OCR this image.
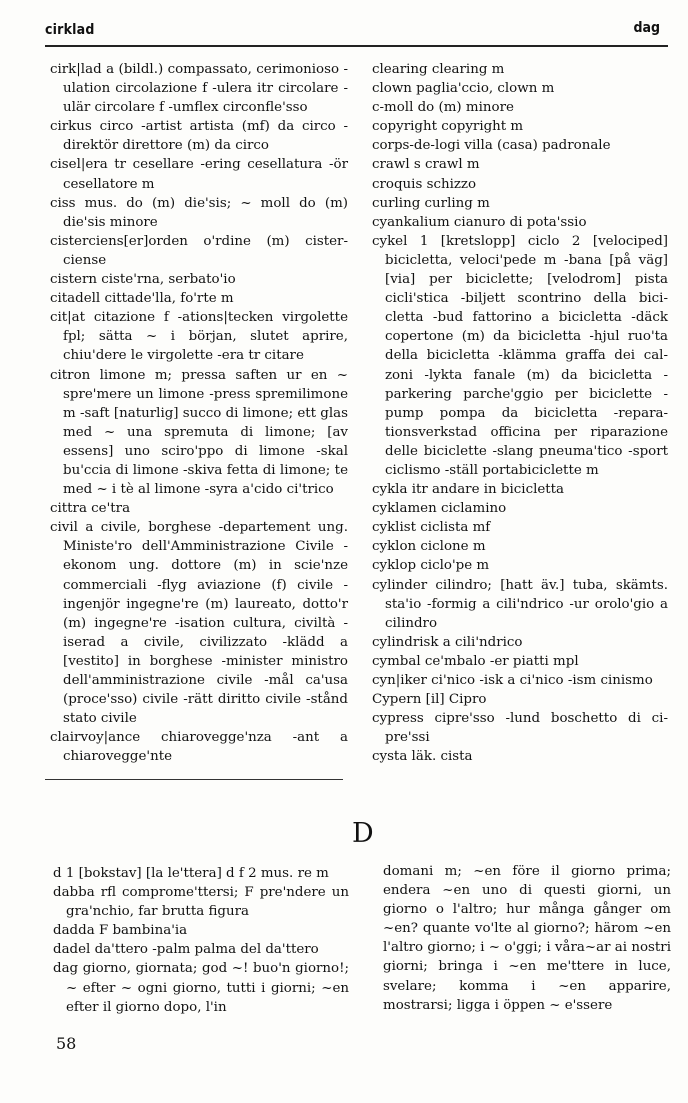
cirklad	dag

cirk|lad a (bildl.) compassato, cerimonioso -ulation circolazione f -ulera itr circolare -ulär circolare f -umflex circonfle'sso

cirkus circo -artist artista (mf) da circo -direktör direttore (m) da circo

cisel|era tr cesellare -ering cesellatura -ör cesellatore m

ciss mus. do (m) die'sis; ~ moll do (m) die'sis minore

cisterciens[er]orden o'rdine (m) cisterciense

cistern ciste'rna, serbato'io

citadell cittade'lla, fo'rte m

cit|at citazione f -ations|tecken virgolette fpl; sätta ~ i början, slutet aprire, chiu'dere le virgolette -era tr citare

citron limone m; pressa saften ur en ~ spre'mere un limone -press spremilimone m -saft [naturlig] succo di limone; ett glas med ~ una spremuta di limone; [av essens] uno sciro'ppo di limone -skal bu'ccia di limone -skiva fetta di limone; te med ~ i tè al limone -syra a'cido ci'trico

cittra ce'tra

civil a civile, borghese -departement ung. Ministe'ro dell'Amministrazione Civile -ekonom ung. dottore (m) in scie'nze commerciali -flyg aviazione (f) civile -ingenjör ingegne're (m) laureato, dotto'r (m) ingegne're -isation cultura, civiltà -iserad a civile, civilizzato -klädd a [vestito] in borghese -minister ministro dell'amministrazione civile -mål ca'usa (proce'sso) civile -rätt diritto civile -stånd stato civile

clairvoy|ance chiarovegge'nza -ant a chiarovegge'nte

clearing clearing m

clown paglia'ccio, clown m

c-moll do (m) minore

copyright copyright m

corps-de-logi villa (casa) padronale

crawl s crawl m

croquis schizzo

curling curling m

cyankalium cianuro di pota'ssio

cykel 1 [kretslopp] ciclo 2 [velociped] bicicletta, veloci'pede m -bana [på väg] [via] per biciclette; [velodrom] pista cicli'stica -biljett scontrino della bicicletta -bud fattorino a bicicletta -däck copertone (m) da bicicletta -hjul ruo'ta della bicicletta -klämma graffa dei calzoni -lykta fanale (m) da bicicletta -parkering parche'ggio per biciclette -pump pompa da bicicletta -reparationsverkstad officina per riparazione delle biciclette -slang pneuma'tico -sport ciclismo -ställ portabiciclette m

cykla itr andare in bicicletta

cyklamen ciclamino

cyklist ciclista mf

cyklon ciclone m

cyklop ciclo'pe m

cylinder cilindro; [hatt äv.] tuba, skämts. sta'io -formig a cili'ndrico -ur orolo'gio a cilindro

cylindrisk a cili'ndrico

cymbal ce'mbalo -er piatti mpl

cyn|iker ci'nico -isk a ci'nico -ism cinismo

Cypern [il] Cipro

cypress cipre'sso -lund boschetto di cipre'ssi

cysta läk. cista

D

d 1 [bokstav] [la le'ttera] d f 2 mus. re m

dabba rfl comprome'ttersi; F pre'ndere un gra'nchio, far brutta figura

dadda F bambina'ia

dadel da'ttero -palm palma del da'ttero

dag giorno, giornata; god ~! buo'n giorno!; ~ efter ~ ogni giorno, tutti i giorni; ~en efter il giorno dopo, l'in

domani m; ~en före il giorno prima; endera ~en uno di questi giorni, un giorno o l'altro; hur många gånger om ~en? quante vo'lte al giorno?; härom ~en l'altro giorno; i ~ o'ggi; i våra~ar ai nostri giorni; bringa i ~en me'ttere in luce, svelare; komma i ~en apparire, mostrarsi; ligga i öppen ~ e'ssere

58
